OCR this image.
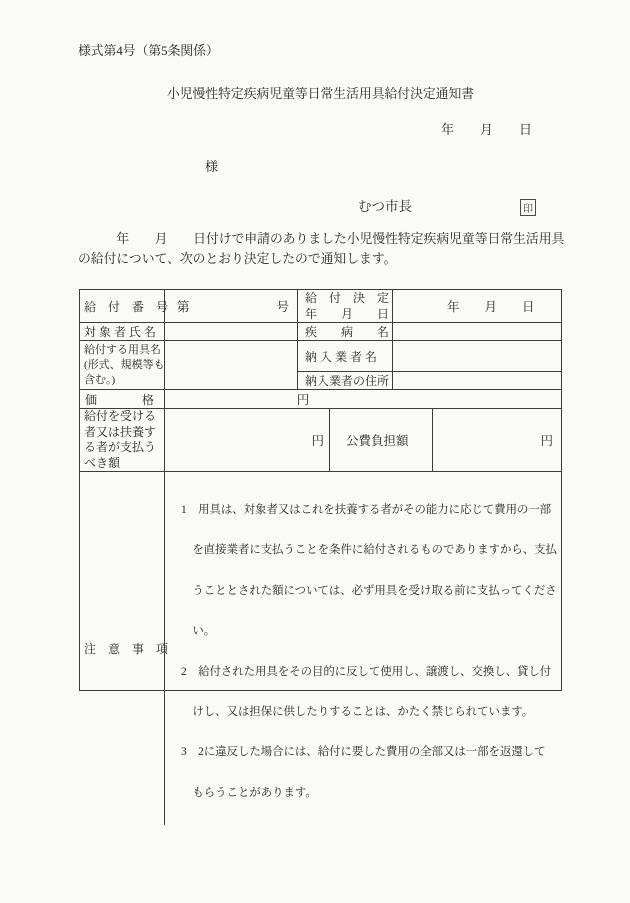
様式第4号（第5条関係）
小児慢性特定疾病児童等日常生活用具給付決定通知書
年　　月　　日
様
むつ市長	印
　　　年　　月　　日付けで申請のありました小児慢性特定疾病児童等日常生活用具
の給付について、次のとおり決定したので通知します。
給　付　番　号 第	号
給　付　決　定
年　　月　　日	年　　月　　日
対 象 者 氏 名	疾　　病　　名
給付する用具名
(形式、規模等も
含む。)
納 入 業 者 名
納入業者の住所
価	格	円
給付を受ける
者又は扶養す
る者が支払う
べき額
円	公費負担額	円
注　意　事　項

1　用具は、対象者又はこれを扶養する者がその能力に応じて費用の一部

　を直接業者に支払うことを条件に給付されるものでありますから、支払

　うこととされた額については、必ず用具を受け取る前に支払ってくださ

　い。

2　給付された用具をその目的に反して使用し、譲渡し、交換し、貸し付

　けし、又は担保に供したりすることは、かたく禁じられています。

3　2に違反した場合には、給付に要した費用の全部又は一部を返還して

　もらうことがあります。
